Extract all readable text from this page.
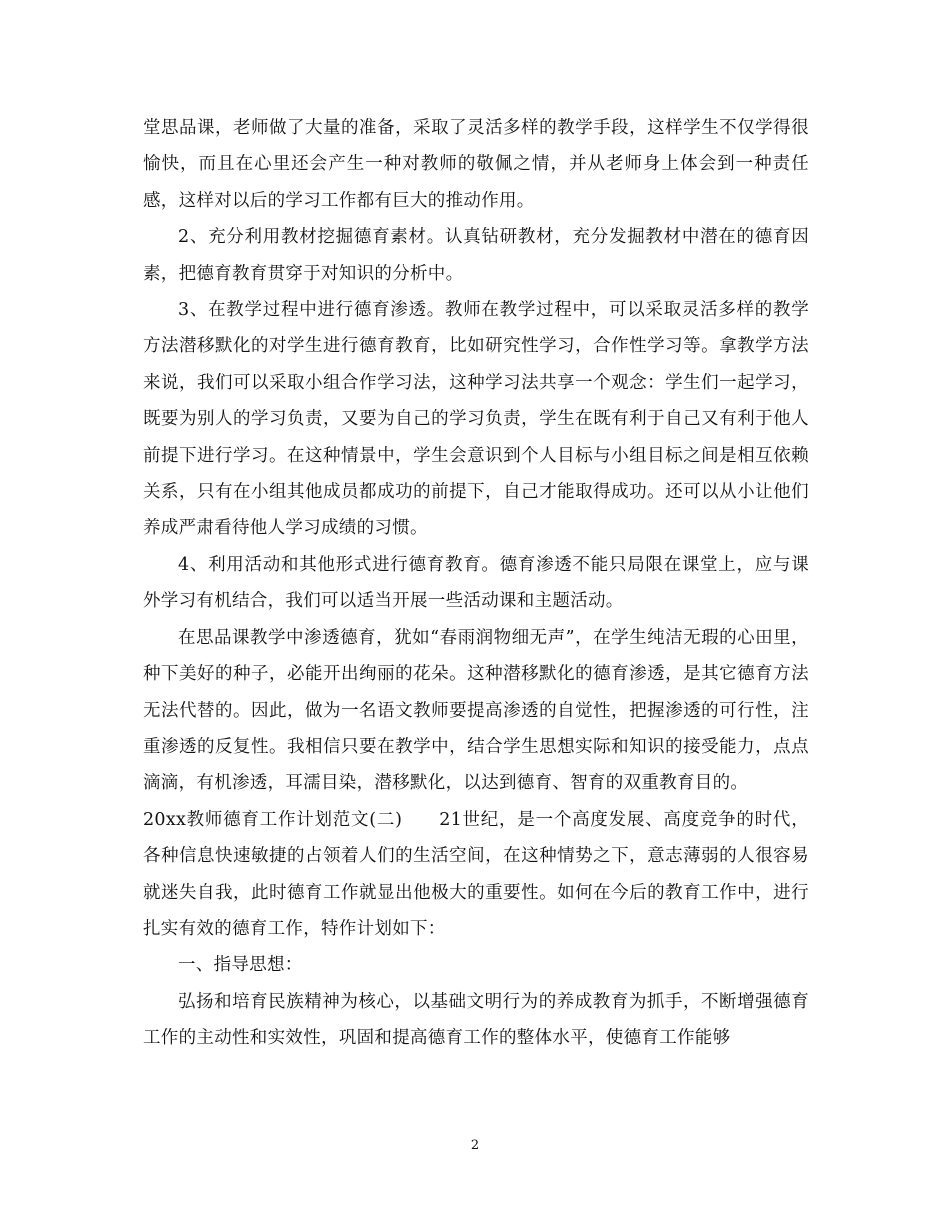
堂思品课，老师做了大量的准备，采取了灵活多样的教学手段，这样学生不仅学得很愉快，而且在心里还会产生一种对教师的敬佩之情，并从老师身上体会到一种责任感，这样对以后的学习工作都有巨大的推动作用。

2、充分利用教材挖掘德育素材。认真钻研教材，充分发掘教材中潜在的德育因素，把德育教育贯穿于对知识的分析中。

3、在教学过程中进行德育渗透。教师在教学过程中，可以采取灵活多样的教学方法潜移默化的对学生进行德育教育，比如研究性学习，合作性学习等。拿教学方法来说，我们可以采取小组合作学习法，这种学习法共享一个观念：学生们一起学习，既要为别人的学习负责，又要为自己的学习负责，学生在既有利于自己又有利于他人前提下进行学习。在这种情景中，学生会意识到个人目标与小组目标之间是相互依赖关系，只有在小组其他成员都成功的前提下，自己才能取得成功。还可以从小让他们养成严肃看待他人学习成绩的习惯。

4、利用活动和其他形式进行德育教育。德育渗透不能只局限在课堂上，应与课外学习有机结合，我们可以适当开展一些活动课和主题活动。

在思品课教学中渗透德育，犹如“春雨润物细无声”，在学生纯洁无瑕的心田里，种下美好的种子，必能开出绚丽的花朵。这种潜移默化的德育渗透，是其它德育方法无法代替的。因此，做为一名语文教师要提高渗透的自觉性，把握渗透的可行性，注重渗透的反复性。我相信只要在教学中，结合学生思想实际和知识的接受能力，点点滴滴，有机渗透，耳濡目染，潜移默化，以达到德育、智育的双重教育目的。

20xx教师德育工作计划范文(二)　　21世纪，是一个高度发展、高度竞争的时代，各种信息快速敏捷的占领着人们的生活空间，在这种情势之下，意志薄弱的人很容易就迷失自我，此时德育工作就显出他极大的重要性。如何在今后的教育工作中，进行扎实有效的德育工作，特作计划如下：

一、指导思想：

弘扬和培育民族精神为核心，以基础文明行为的养成教育为抓手，不断增强德育工作的主动性和实效性，巩固和提高德育工作的整体水平，使德育工作能够

2
